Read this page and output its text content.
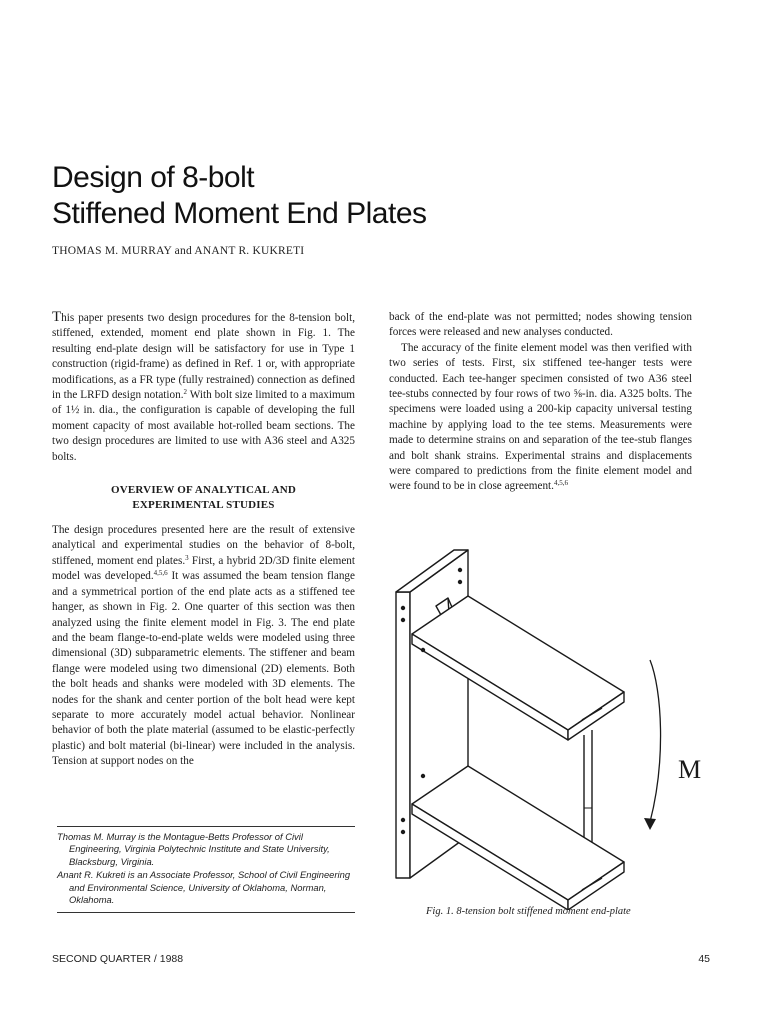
Design of 8-bolt
Stiffened Moment End Plates
THOMAS M. MURRAY and ANANT R. KUKRETI

This paper presents two design procedures for the 8-tension bolt, stiffened, extended, moment end plate shown in Fig. 1. The resulting end-plate design will be satisfactory for use in Type 1 construction (rigid-frame) as defined in Ref. 1 or, with appropriate modifications, as a FR type (fully restrained) connection as defined in the LRFD design notation.$^2$ With bolt size limited to a maximum of 1½ in. dia., the configuration is capable of developing the full moment capacity of most available hot-rolled beam sections. The two design procedures are limited to use with A36 steel and A325 bolts.

OVERVIEW OF ANALYTICAL AND
EXPERIMENTAL STUDIES

The design procedures presented here are the result of extensive analytical and experimental studies on the behavior of 8-bolt, stiffened, moment end plates.$^3$ First, a hybrid 2D/3D finite element model was developed.$^{4,5,6}$ It was assumed the beam tension flange and a symmetrical portion of the end plate acts as a stiffened tee hanger, as shown in Fig. 2. One quarter of this section was then analyzed using the finite element model in Fig. 3. The end plate and the beam flange-to-end-plate welds were modeled using three dimensional (3D) subparametric elements. The stiffener and beam flange were modeled using two dimensional (2D) elements. Both the bolt heads and shanks were modeled with 3D elements. The nodes for the shank and center portion of the bolt head were kept separate to more accurately model actual behavior. Nonlinear behavior of both the plate material (assumed to be elastic-perfectly plastic) and bolt material (bi-linear) were included in the analysis. Tension at support nodes on the

Thomas M. Murray is the Montague-Betts Professor of Civil Engineering, Virginia Polytechnic Institute and State University, Blacksburg, Virginia.

Anant R. Kukreti is an Associate Professor, School of Civil Engineering and Environmental Science, University of Oklahoma, Norman, Oklahoma.

back of the end-plate was not permitted; nodes showing tension forces were released and new analyses conducted.

The accuracy of the finite element model was then verified with two series of tests. First, six stiffened tee-hanger tests were conducted. Each tee-hanger specimen consisted of two A36 steel tee-stubs connected by four rows of two ⅝-in. dia. A325 bolts. The specimens were loaded using a 200-kip capacity universal testing machine by applying load to the tee stems. Measurements were made to determine strains on and separation of the tee-stub flanges and bolt shank strains. Experimental strains and displacements were compared to predictions from the finite element model and were found to be in close agreement.$^{4,5,6}$

M
Fig. 1. 8-tension bolt stiffened moment end-plate
SECOND QUARTER / 1988	45
